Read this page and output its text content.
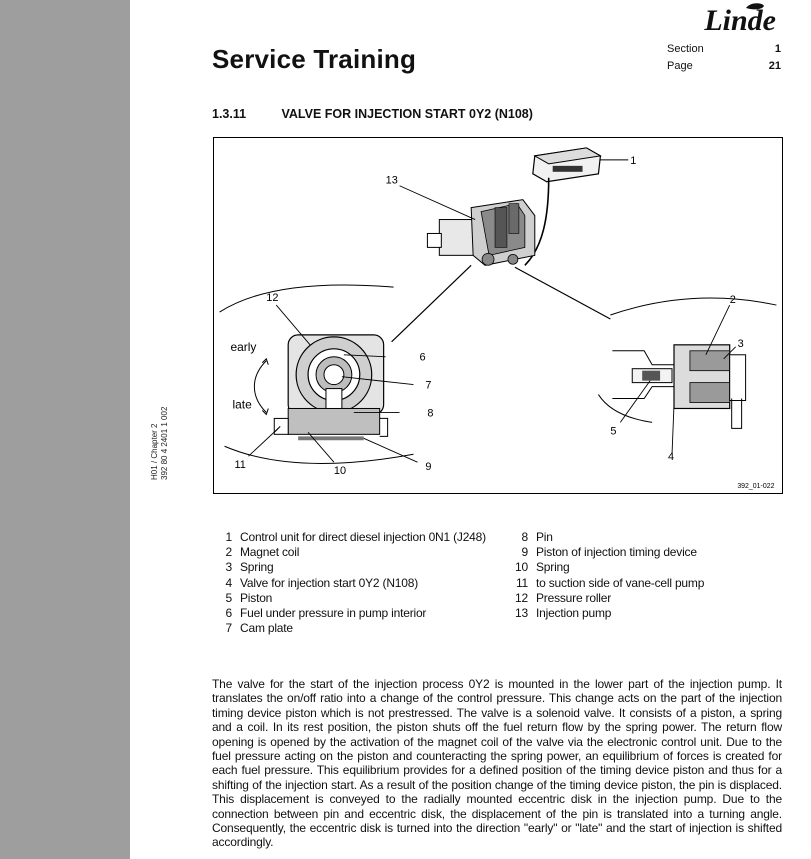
H01 / Chapter 2 392 80 4 2401 1 002
Linde
Service Training	Section	1
Page	21
1.3.11	VALVE FOR INJECTION START 0Y2 (N108)
1
2
3
4
5
6
7
8
9
10
11
12
13
early
late
392_01-022
1 Control unit for direct diesel injection 0N1 (J248)
2 Magnet coil
3 Spring
4 Valve for injection start 0Y2 (N108)
5 Piston
6 Fuel under pressure in pump interior
7 Cam plate
8 Pin
9 Piston of injection timing device
10 Spring
11 to suction side of vane-cell pump
12 Pressure roller
13 Injection pump

The valve for the start of the injection process 0Y2 is mounted in the lower part of the injection pump. It translates the on/off ratio into a change of the control pressure. This change acts on the part of the injection timing device piston which is not prestressed. The valve is a solenoid valve. It consists of a piston, a spring and a coil. In its rest position, the piston shuts off the fuel return flow by the spring power. The return flow opening is opened by the activation of the magnet coil of the valve via the electronic control unit. Due to the fuel pressure acting on the piston and counteracting the spring power, an equilibrium of forces is created for each fuel pressure. This equilibrium provides for a defined position of the timing device piston and thus for a shifting of the injection start. As a result of the position change of the timing device piston, the pin is displaced. This displacement is conveyed to the radially mounted eccentric disk in the injection pump. Due to the connection between pin and eccentric disk, the displacement of the pin is translated into a turning angle. Consequently, the eccentric disk is turned into the direction "early" or "late" and the start of injection is shifted accordingly.
